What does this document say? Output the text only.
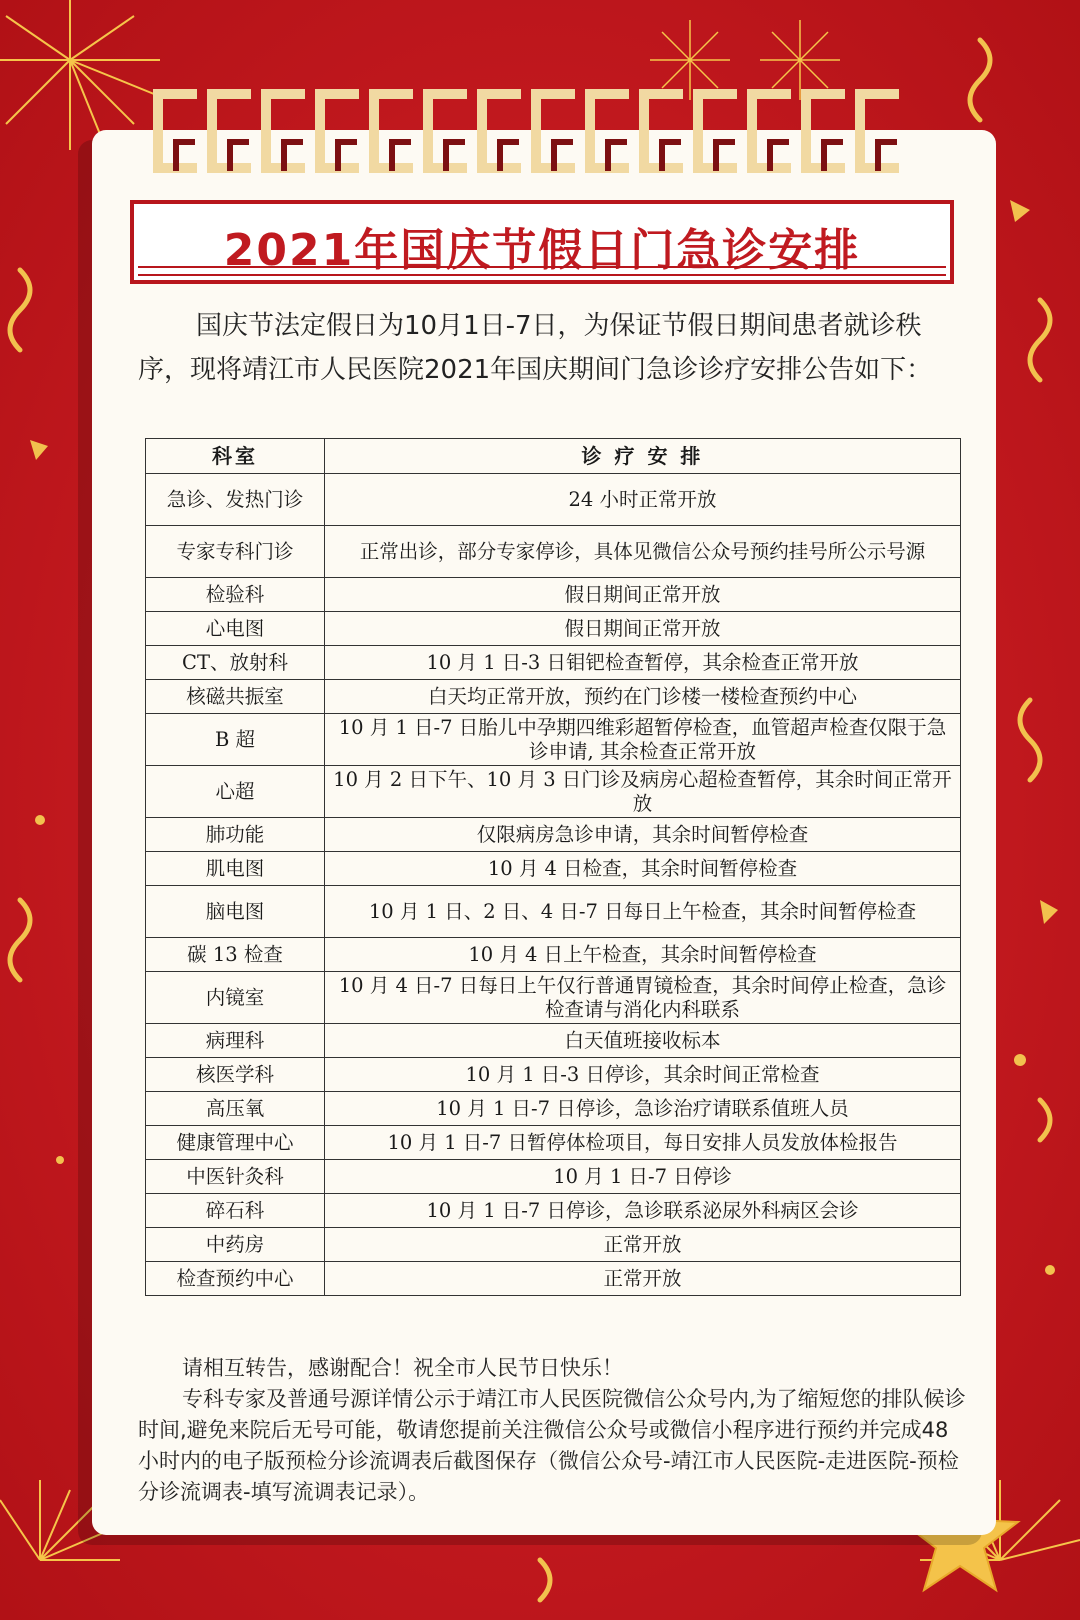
2021年国庆节假日门急诊安排

国庆节法定假日为10月1日-7日，为保证节假日期间患者就诊秩序，现将靖江市人民医院2021年国庆期间门急诊诊疗安排公告如下：

科室	诊 疗 安 排
急诊、发热门诊	24 小时正常开放
专家专科门诊	正常出诊，部分专家停诊，具体见微信公众号预约挂号所公示号源
检验科	假日期间正常开放
心电图	假日期间正常开放
CT、放射科	10 月 1 日-3 日钼钯检查暂停，其余检查正常开放
核磁共振室	白天均正常开放，预约在门诊楼一楼检查预约中心
B 超	10 月 1 日-7 日胎儿中孕期四维彩超暂停检查，血管超声检查仅限于急诊申请, 其余检查正常开放
心超	10 月 2 日下午、10 月 3 日门诊及病房心超检查暂停，其余时间正常开放
肺功能	仅限病房急诊申请，其余时间暂停检查
肌电图	10 月 4 日检查，其余时间暂停检查
脑电图	10 月 1 日、2 日、4 日-7 日每日上午检查，其余时间暂停检查
碳 13 检查	10 月 4 日上午检查，其余时间暂停检查
内镜室	10 月 4 日-7 日每日上午仅行普通胃镜检查，其余时间停止检查，急诊检查请与消化内科联系
病理科	白天值班接收标本
核医学科	10 月 1 日-3 日停诊，其余时间正常检查
高压氧	10 月 1 日-7 日停诊，急诊治疗请联系值班人员
健康管理中心	10 月 1 日-7 日暂停体检项目，每日安排人员发放体检报告
中医针灸科	10 月 1 日-7 日停诊
碎石科	10 月 1 日-7 日停诊，急诊联系泌尿外科病区会诊
中药房	正常开放
检查预约中心	正常开放

请相互转告，感谢配合！祝全市人民节日快乐！

专科专家及普通号源详情公示于靖江市人民医院微信公众号内,为了缩短您的排队候诊时间,避免来院后无号可能，敬请您提前关注微信公众号或微信小程序进行预约并完成48小时内的电子版预检分诊流调表后截图保存（微信公众号-靖江市人民医院-走进医院-预检分诊流调表-填写流调表记录）。
